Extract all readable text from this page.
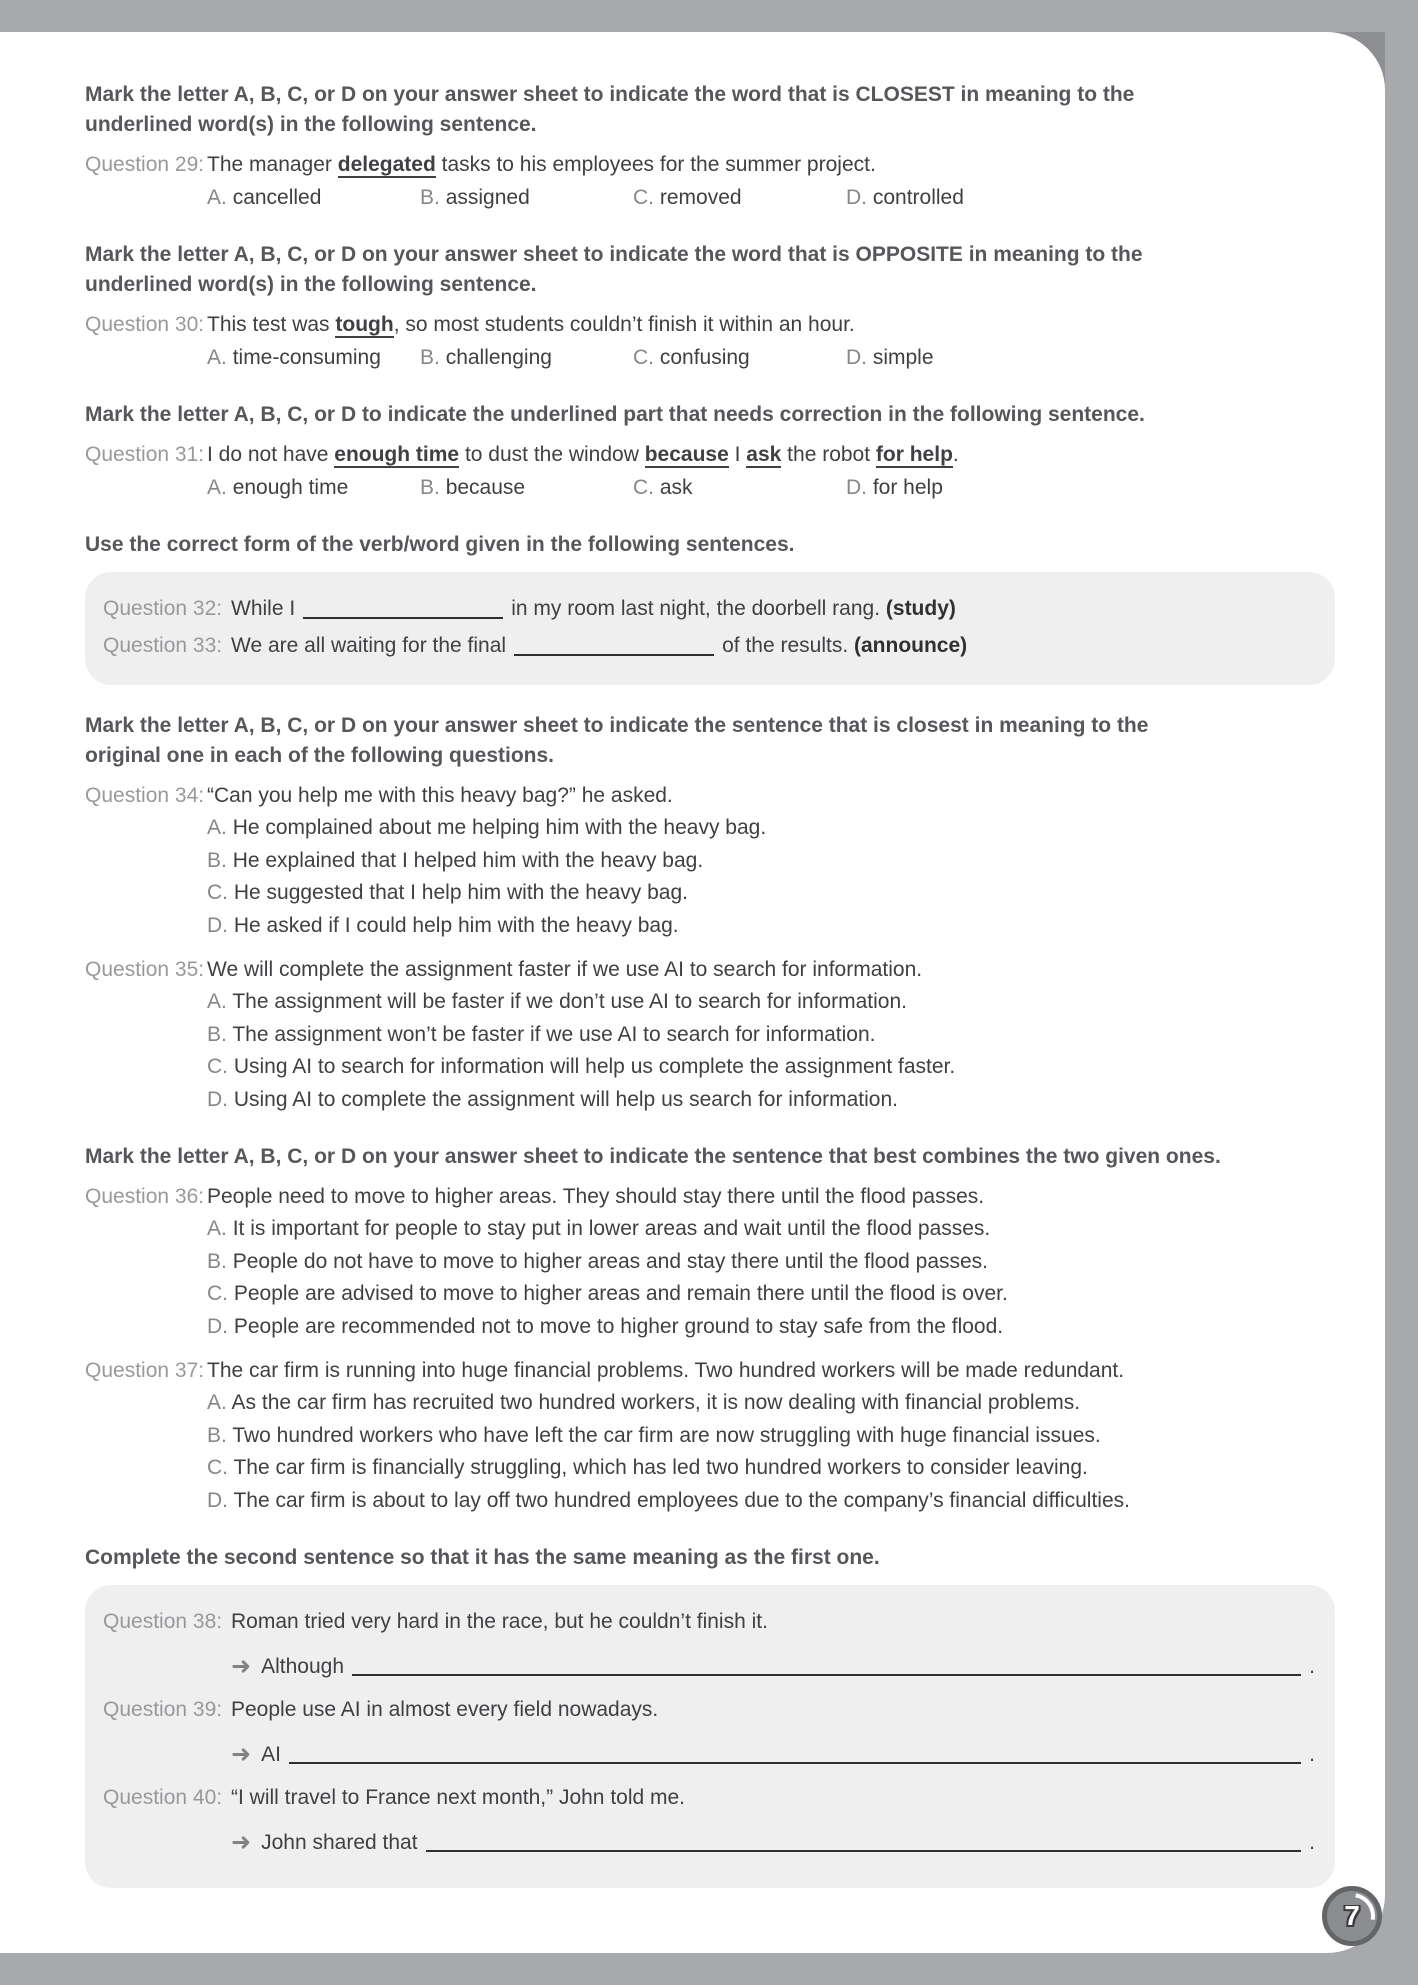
Mark the letter A, B, C, or D on your answer sheet to indicate the word that is CLOSEST in meaning to the underlined word(s) in the following sentence.
Question 29: The manager delegated tasks to his employees for the summer project.
A. cancelled	B. assigned	C. removed	D. controlled
Mark the letter A, B, C, or D on your answer sheet to indicate the word that is OPPOSITE in meaning to the underlined word(s) in the following sentence.
Question 30: This test was tough, so most students couldn’t finish it within an hour.
A. time-consuming B. challenging	C. confusing	D. simple
Mark the letter A, B, C, or D to indicate the underlined part that needs correction in the following sentence.
Question 31: I do not have enough time to dust the window because I ask the robot for help.
A. enough time	B. because	C. ask	D. for help
Use the correct form of the verb/word given in the following sentences.
Question 32: While I	in my room last night, the doorbell rang. (study)
Question 33: We are all waiting for the final	of the results. (announce)
Mark the letter A, B, C, or D on your answer sheet to indicate the sentence that is closest in meaning to the original one in each of the following questions.
Question 34: “Can you help me with this heavy bag?” he asked.
A. He complained about me helping him with the heavy bag.
B. He explained that I helped him with the heavy bag.
C. He suggested that I help him with the heavy bag.
D. He asked if I could help him with the heavy bag.
Question 35: We will complete the assignment faster if we use AI to search for information.
A. The assignment will be faster if we don’t use AI to search for information.
B. The assignment won’t be faster if we use AI to search for information.
C. Using AI to search for information will help us complete the assignment faster.
D. Using AI to complete the assignment will help us search for information.
Mark the letter A, B, C, or D on your answer sheet to indicate the sentence that best combines the two given ones.
Question 36: People need to move to higher areas. They should stay there until the flood passes.
A. It is important for people to stay put in lower areas and wait until the flood passes.
B. People do not have to move to higher areas and stay there until the flood passes.
C. People are advised to move to higher areas and remain there until the flood is over.
D. People are recommended not to move to higher ground to stay safe from the flood.
Question 37: The car firm is running into huge financial problems. Two hundred workers will be made redundant.
A. As the car firm has recruited two hundred workers, it is now dealing with financial problems.
B. Two hundred workers who have left the car firm are now struggling with huge financial issues.
C. The car firm is financially struggling, which has led two hundred workers to consider leaving.
D. The car firm is about to lay off two hundred employees due to the company’s financial difficulties.
Complete the second sentence so that it has the same meaning as the first one.
Question 38: Roman tried very hard in the race, but he couldn’t finish it.
➜ Although	.
Question 39: People use AI in almost every field nowadays.
➜ AI	.
Question 40: “I will travel to France next month,” John told me.
➜ John shared that	.
7
